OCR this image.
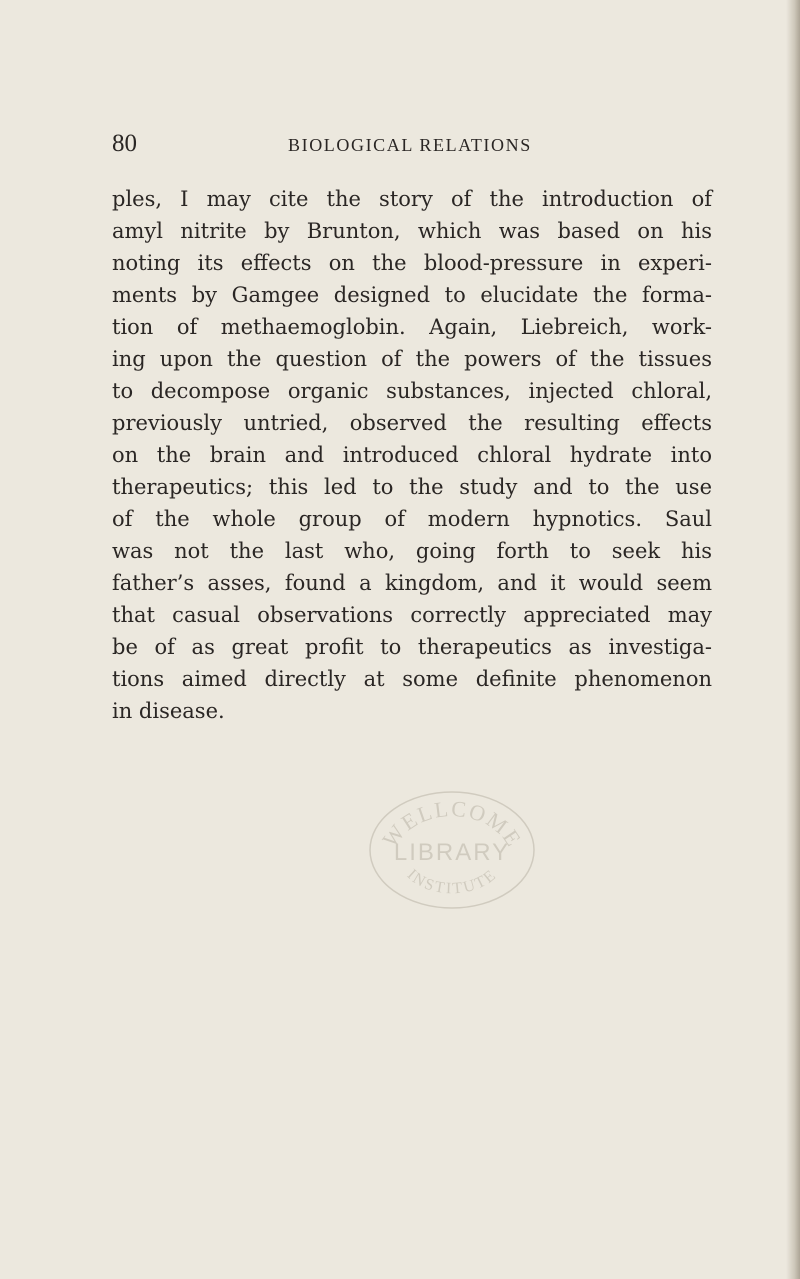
80	BIOLOGICAL RELATIONS
ples, I may cite the story of the introduction of
amyl nitrite by Brunton, which was based on his
noting its effects on the blood-pressure in experi-
ments by Gamgee designed to elucidate the forma-
tion of methaemoglobin. Again, Liebreich, work-
ing upon the question of the powers of the tissues
to decompose organic substances, injected chloral,
previously untried, observed the resulting effects
on the brain and introduced chloral hydrate into
therapeutics; this led to the study and to the use
of the whole group of modern hypnotics. Saul
was not the last who, going forth to seek his
father’s asses, found a kingdom, and it would seem
that casual observations correctly appreciated may
be of as great profit to therapeutics as investiga-
tions aimed directly at some definite phenomenon
in disease.
WELLCOME
LIBRARY
INSTITUTE
